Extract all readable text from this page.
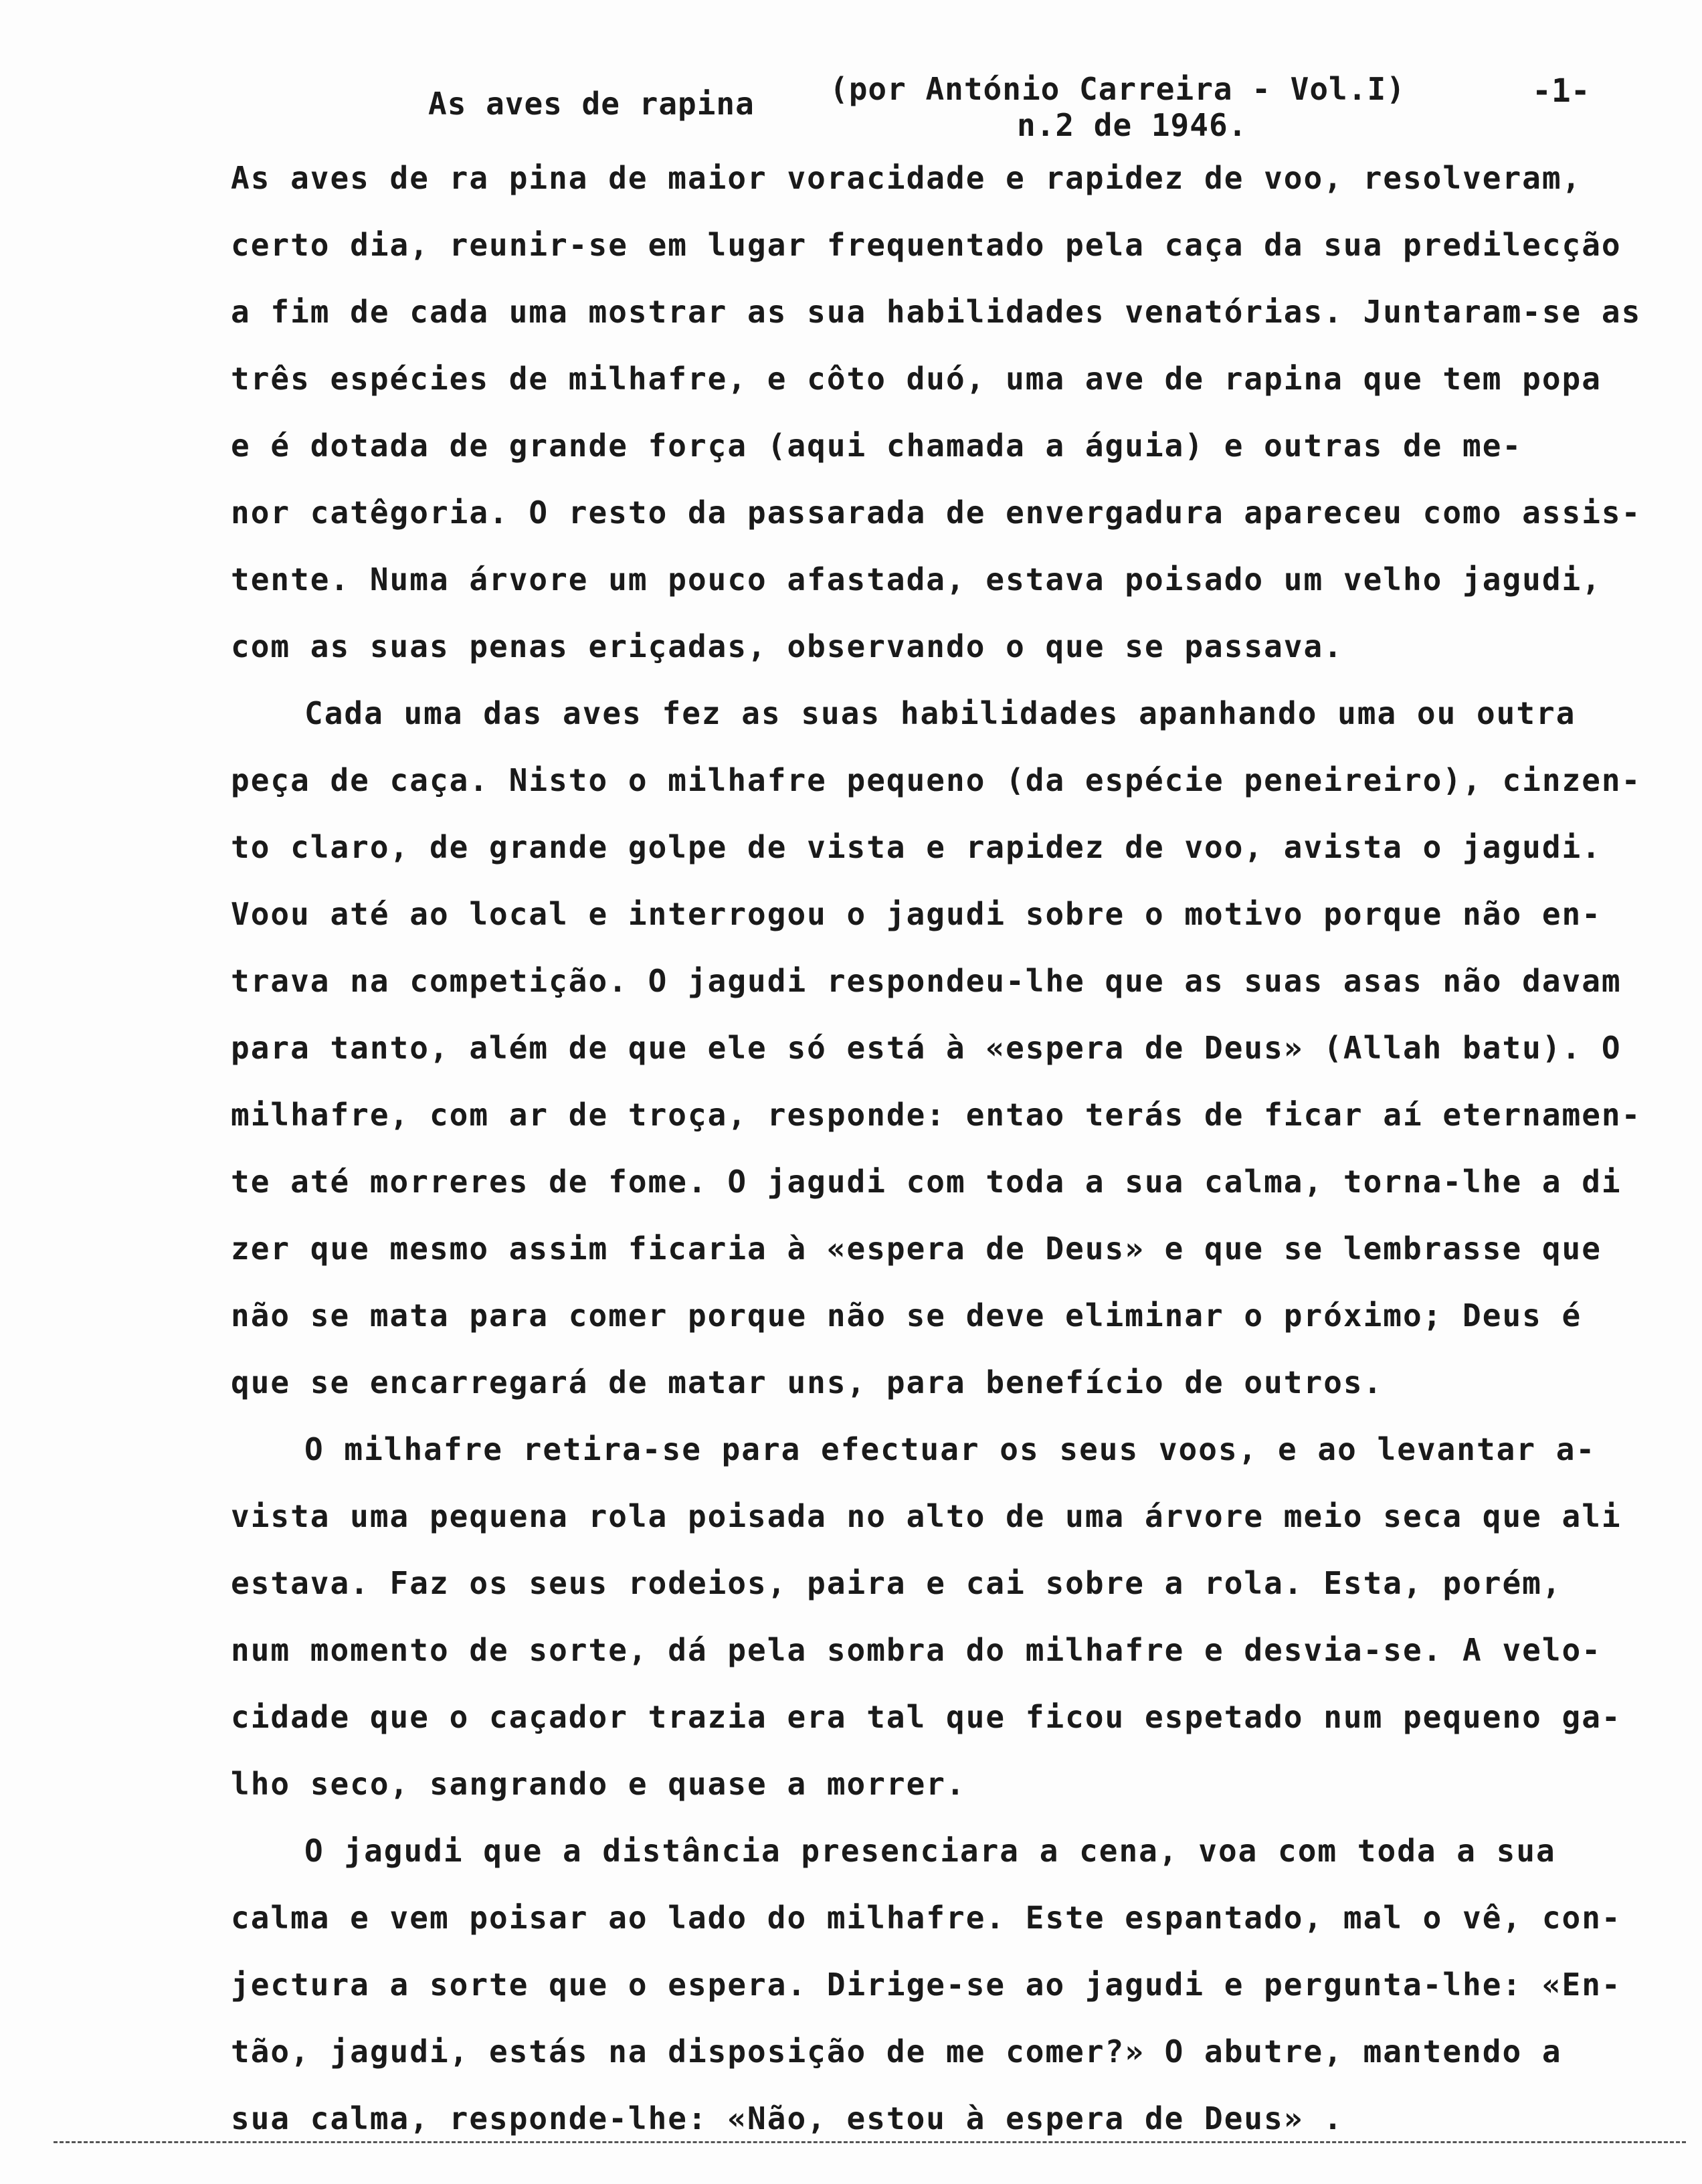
As aves de rapina (por António Carreira - Vol.I)
n.2 de 1946.
-1-
As aves de ra pina de maior voracidade e rapidez de voo, resolveram,
certo dia, reunir-se em lugar frequentado pela caça da sua predilecção
a fim de cada uma mostrar as sua habilidades venatórias. Juntaram-se as
três espécies de milhafre, e côto duó, uma ave de rapina que tem popa
e é dotada de grande força (aqui chamada a águia) e outras de me-
nor catêgoria. O resto da passarada de envergadura apareceu como assis-
tente. Numa árvore um pouco afastada, estava poisado um velho jagudi,
com as suas penas eriçadas, observando o que se passava.
Cada uma das aves fez as suas habilidades apanhando uma ou outra
peça de caça. Nisto o milhafre pequeno (da espécie peneireiro), cinzen-
to claro, de grande golpe de vista e rapidez de voo, avista o jagudi.
Voou até ao local e interrogou o jagudi sobre o motivo porque não en-
trava na competição. O jagudi respondeu-lhe que as suas asas não davam
para tanto, além de que ele só está à «espera de Deus» (Allah batu). O
milhafre, com ar de troça, responde: entao terás de ficar aí eternamen-
te até morreres de fome. O jagudi com toda a sua calma, torna-lhe a di
zer que mesmo assim ficaria à «espera de Deus» e que se lembrasse que
não se mata para comer porque não se deve eliminar o próximo; Deus é
que se encarregará de matar uns, para benefício de outros.
O milhafre retira-se para efectuar os seus voos, e ao levantar a-
vista uma pequena rola poisada no alto de uma árvore meio seca que ali
estava. Faz os seus rodeios, paira e cai sobre a rola. Esta, porém,
num momento de sorte, dá pela sombra do milhafre e desvia-se. A velo-
cidade que o caçador trazia era tal que ficou espetado num pequeno ga-
lho seco, sangrando e quase a morrer.
O jagudi que a distância presenciara a cena, voa com toda a sua
calma e vem poisar ao lado do milhafre. Este espantado, mal o vê, con-
jectura a sorte que o espera. Dirige-se ao jagudi e pergunta-lhe: «En-
tão, jagudi, estás na disposição de me comer?» O abutre, mantendo a
sua calma, responde-lhe: «Não, estou à espera de Deus» .
